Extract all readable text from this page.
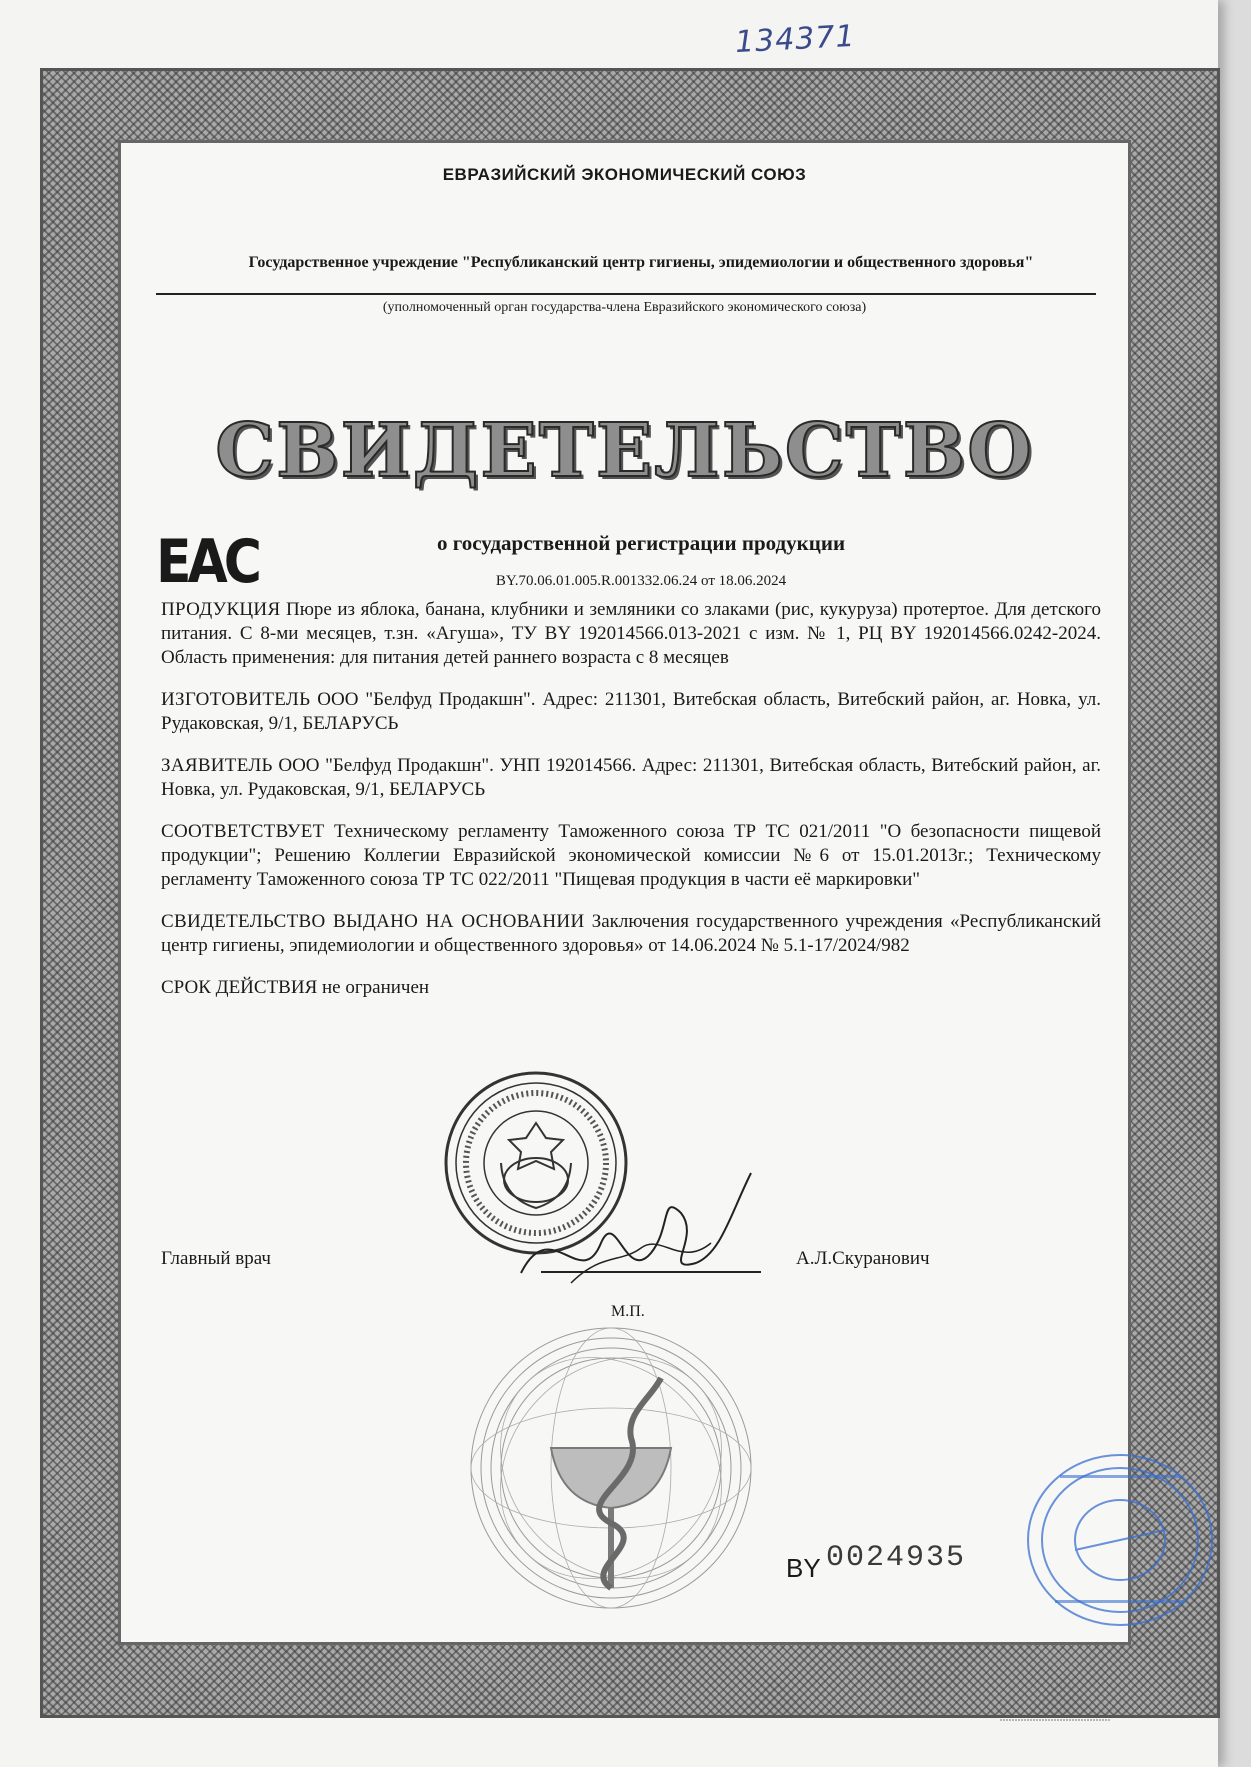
134371
ЕВРАЗИЙСКИЙ ЭКОНОМИЧЕСКИЙ СОЮЗ
Государственное учреждение "Республиканский центр гигиены, эпидемиологии и общественного здоровья"
(уполномоченный орган государства-члена Евразийского экономического союза)
СВИДЕТЕЛЬСТВО
ЕАС	о государственной регистрации продукции
BY.70.06.01.005.R.001332.06.24 от 18.06.2024

ПРОДУКЦИЯ Пюре из яблока, банана, клубники и земляники со злаками (рис, кукуруза) протертое. Для детского питания. С 8-ми месяцев, т.зн. «Агуша», ТУ BY 192014566.013-2021 с изм. № 1, РЦ BY 192014566.0242-2024. Область применения: для питания детей раннего возраста с 8 месяцев

ИЗГОТОВИТЕЛЬ ООО "Белфуд Продакшн". Адрес: 211301, Витебская область, Витебский район, аг. Новка, ул. Рудаковская, 9/1, БЕЛАРУСЬ

ЗАЯВИТЕЛЬ ООО "Белфуд Продакшн". УНП 192014566. Адрес: 211301, Витебская область, Витебский район, аг. Новка, ул. Рудаковская, 9/1, БЕЛАРУСЬ

СООТВЕТСТВУЕТ Техническому регламенту Таможенного союза ТР ТС 021/2011 "О безопасности пищевой продукции"; Решению Коллегии Евразийской экономической комиссии №6 от 15.01.2013г.; Техническому регламенту Таможенного союза ТР ТС 022/2011 "Пищевая продукция в части её маркировки"

СВИДЕТЕЛЬСТВО ВЫДАНО НА ОСНОВАНИИ Заключения государственного учреждения «Республиканский центр гигиены, эпидемиологии и общественного здоровья» от 14.06.2024 № 5.1-17/2024/982

СРОК ДЕЙСТВИЯ не ограничен

Главный врач	А.Л.Скуранович
М.П.
BY 0024935
